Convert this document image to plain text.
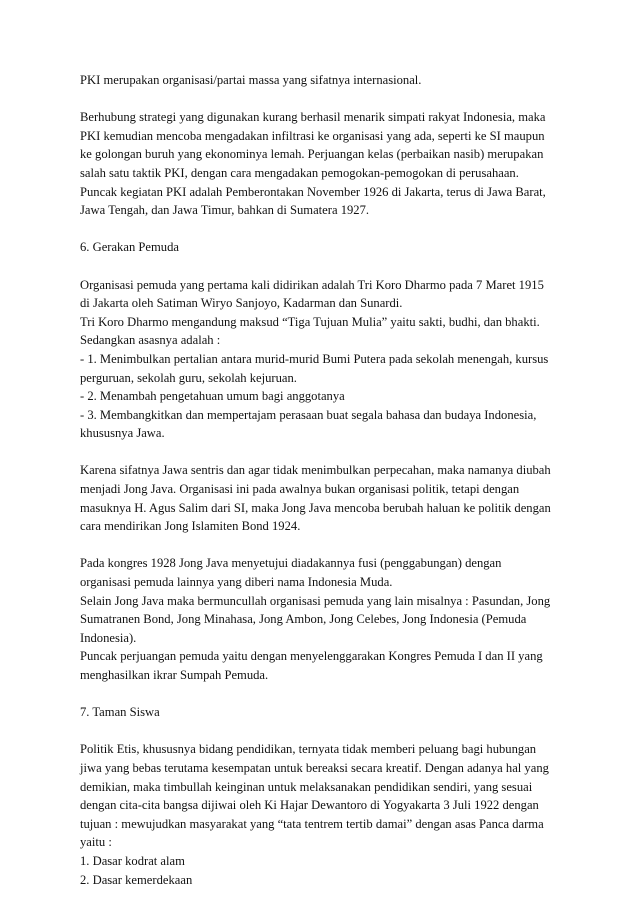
PKI merupakan organisasi/partai massa yang sifatnya internasional.
Berhubung strategi yang digunakan kurang berhasil menarik simpati rakyat Indonesia, maka
PKI kemudian mencoba mengadakan infiltrasi ke organisasi yang ada, seperti ke SI maupun
ke golongan buruh yang ekonominya lemah. Perjuangan kelas (perbaikan nasib) merupakan
salah satu taktik PKI, dengan cara mengadakan pemogokan-pemogokan di perusahaan.
Puncak kegiatan PKI adalah Pemberontakan November 1926 di Jakarta, terus di Jawa Barat,
Jawa Tengah, dan Jawa Timur, bahkan di Sumatera 1927.
6. Gerakan Pemuda
Organisasi pemuda yang pertama kali didirikan adalah Tri Koro Dharmo pada 7 Maret 1915
di Jakarta oleh Satiman Wiryo Sanjoyo, Kadarman dan Sunardi.
Tri Koro Dharmo mengandung maksud “Tiga Tujuan Mulia” yaitu sakti, budhi, dan bhakti.
Sedangkan asasnya adalah :
- 1. Menimbulkan pertalian antara murid-murid Bumi Putera pada sekolah menengah, kursus
perguruan, sekolah guru, sekolah kejuruan.
- 2. Menambah pengetahuan umum bagi anggotanya
- 3. Membangkitkan dan mempertajam perasaan buat segala bahasa dan budaya Indonesia,
khususnya Jawa.
Karena sifatnya Jawa sentris dan agar tidak menimbulkan perpecahan, maka namanya diubah
menjadi Jong Java. Organisasi ini pada awalnya bukan organisasi politik, tetapi dengan
masuknya H. Agus Salim dari SI, maka Jong Java mencoba berubah haluan ke politik dengan
cara mendirikan Jong Islamiten Bond 1924.
Pada kongres 1928 Jong Java menyetujui diadakannya fusi (penggabungan) dengan
organisasi pemuda lainnya yang diberi nama Indonesia Muda.
Selain Jong Java maka bermuncullah organisasi pemuda yang lain misalnya : Pasundan, Jong
Sumatranen Bond, Jong Minahasa, Jong Ambon, Jong Celebes, Jong Indonesia (Pemuda
Indonesia).
Puncak perjuangan pemuda yaitu dengan menyelenggarakan Kongres Pemuda I dan II yang
menghasilkan ikrar Sumpah Pemuda.
7. Taman Siswa
Politik Etis, khususnya bidang pendidikan, ternyata tidak memberi peluang bagi hubungan
jiwa yang bebas terutama kesempatan untuk bereaksi secara kreatif. Dengan adanya hal yang
demikian, maka timbullah keinginan untuk melaksanakan pendidikan sendiri, yang sesuai
dengan cita-cita bangsa dijiwai oleh Ki Hajar Dewantoro di Yogyakarta 3 Juli 1922 dengan
tujuan : mewujudkan masyarakat yang “tata tentrem tertib damai” dengan asas Panca darma
yaitu :
1. Dasar kodrat alam
2. Dasar kemerdekaan
